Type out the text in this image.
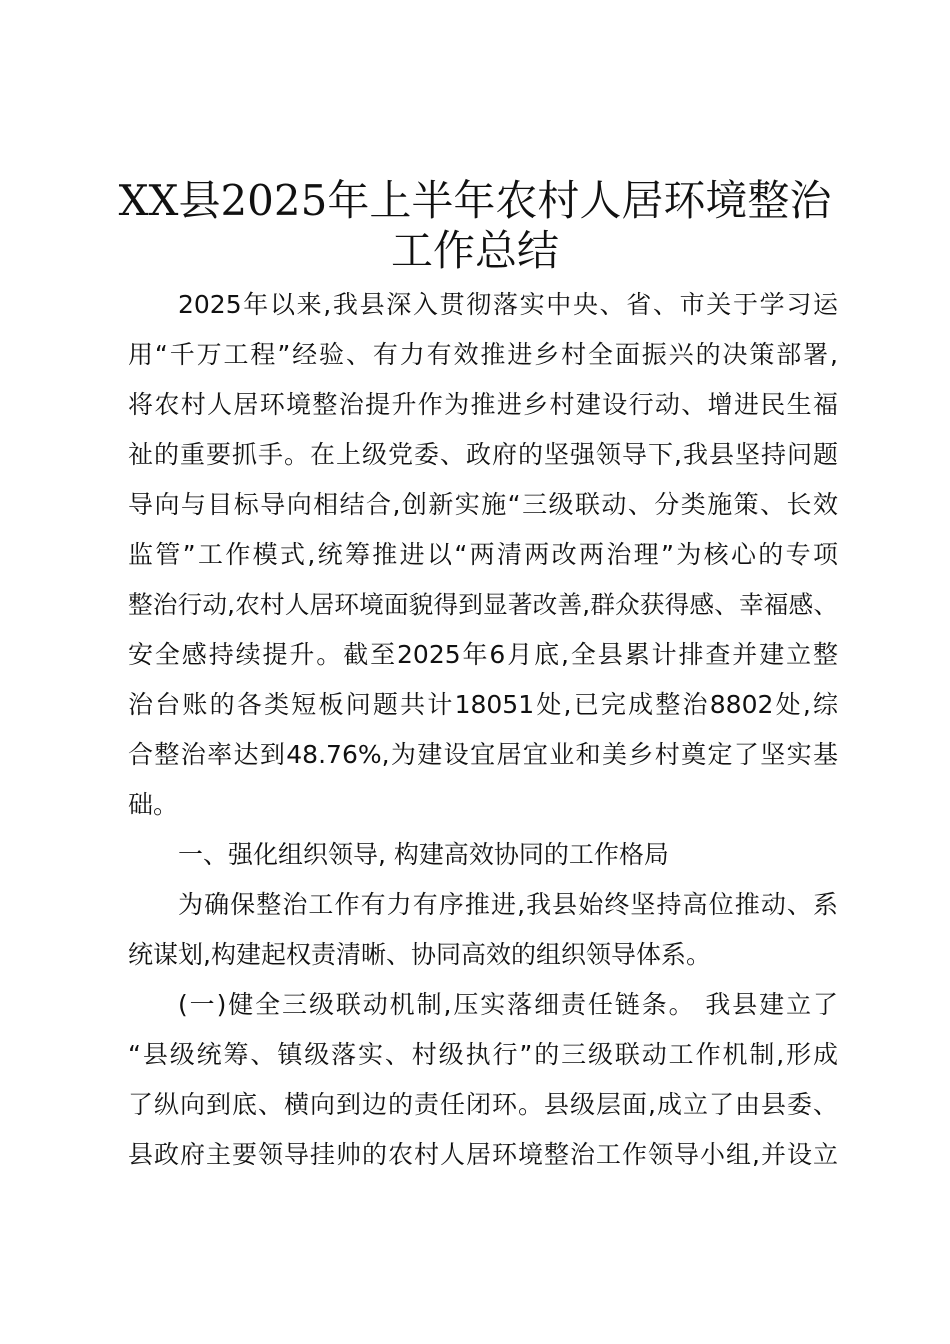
XX县2025年上半年农村人居环境整治
工作总结
2025年以来,我县深入贯彻落实中央、省、市关于学习运
用“千万工程”经验、有力有效推进乡村全面振兴的决策部署,
将农村人居环境整治提升作为推进乡村建设行动、增进民生福
祉的重要抓手。在上级党委、政府的坚强领导下,我县坚持问题
导向与目标导向相结合,创新实施“三级联动、分类施策、长效
监管”工作模式,统筹推进以“两清两改两治理”为核心的专项
整治行动,农村人居环境面貌得到显著改善,群众获得感、幸福感、
安全感持续提升。截至2025年6月底,全县累计排查并建立整
治台账的各类短板问题共计18051处,已完成整治8802处,综
合整治率达到48.76%,为建设宜居宜业和美乡村奠定了坚实基
础。
一、强化组织领导, 构建高效协同的工作格局
为确保整治工作有力有序推进,我县始终坚持高位推动、系
统谋划,构建起权责清晰、协同高效的组织领导体系。
(一)健全三级联动机制,压实落细责任链条。 我县建立了
“县级统筹、镇级落实、村级执行”的三级联动工作机制,形成
了纵向到底、横向到边的责任闭环。县级层面,成立了由县委、
县政府主要领导挂帅的农村人居环境整治工作领导小组,并设立
